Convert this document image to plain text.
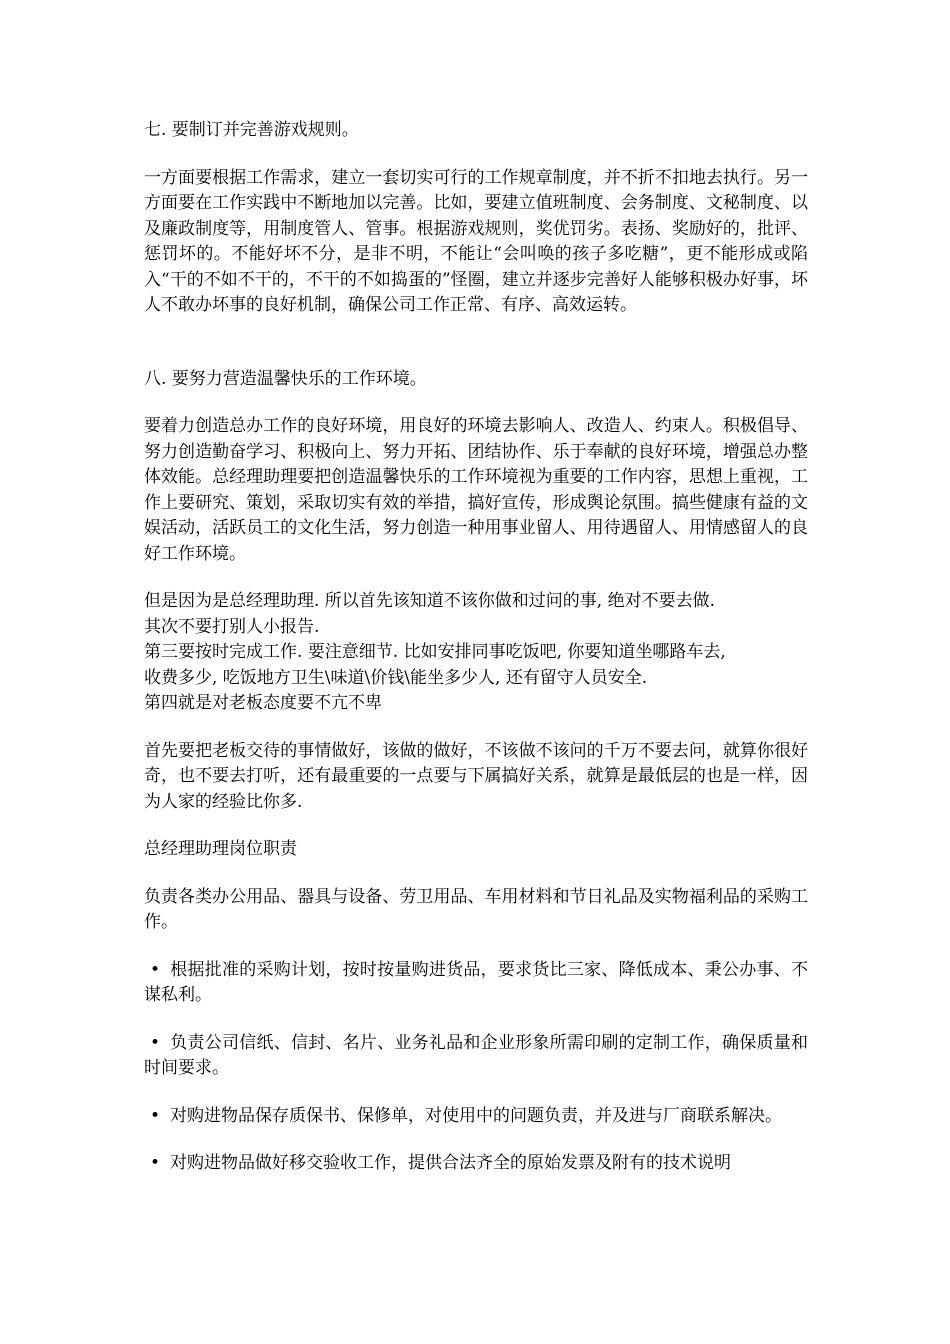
七. 要制订并完善游戏规则。

一方面要根据工作需求，建立一套切实可行的工作规章制度，并不折不扣地去执行。另一方面要在工作实践中不断地加以完善。比如，要建立值班制度、会务制度、文秘制度、以及廉政制度等，用制度管人、管事。根据游戏规则，奖优罚劣。表扬、奖励好的，批评、惩罚坏的。不能好坏不分，是非不明，不能让“会叫唤的孩子多吃糖”，更不能形成或陷入“干的不如不干的，不干的不如捣蛋的”怪圈，建立并逐步完善好人能够积极办好事，坏人不敢办坏事的良好机制，确保公司工作正常、有序、高效运转。

八. 要努力营造温馨快乐的工作环境。

要着力创造总办工作的良好环境，用良好的环境去影响人、改造人、约束人。积极倡导、努力创造勤奋学习、积极向上、努力开拓、团结协作、乐于奉献的良好环境，增强总办整体效能。总经理助理要把创造温馨快乐的工作环境视为重要的工作内容，思想上重视，工作上要研究、策划，采取切实有效的举措，搞好宣传，形成舆论氛围。搞些健康有益的文娱活动，活跃员工的文化生活，努力创造一种用事业留人、用待遇留人、用情感留人的良好工作环境。

但是因为是总经理助理. 所以首先该知道不该你做和过问的事, 绝对不要去做.
其次不要打别人小报告.
第三要按时完成工作. 要注意细节. 比如安排同事吃饭吧, 你要知道坐哪路车去,
收费多少, 吃饭地方卫生\味道\价钱\能坐多少人, 还有留守人员安全.
第四就是对老板态度要不亢不卑

首先要把老板交待的事情做好，该做的做好，不该做不该问的千万不要去问，就算你很好奇，也不要去打听，还有最重要的一点要与下属搞好关系，就算是最低层的也是一样，因为人家的经验比你多.

总经理助理岗位职责

负责各类办公用品、器具与设备、劳卫用品、车用材料和节日礼品及实物福利品的采购工作。

• 根据批准的采购计划，按时按量购进货品，要求货比三家、降低成本、秉公办事、不谋私利。

• 负责公司信纸、信封、名片、业务礼品和企业形象所需印刷的定制工作，确保质量和时间要求。

• 对购进物品保存质保书、保修单，对使用中的问题负责，并及进与厂商联系解决。

• 对购进物品做好移交验收工作，提供合法齐全的原始发票及附有的技术说明
